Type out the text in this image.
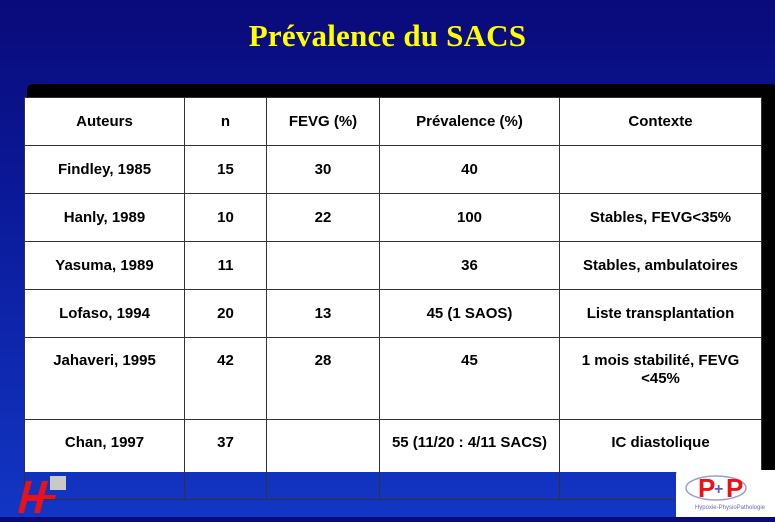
Prévalence du SACS
Auteurs	n	FEVG (%)	Prévalence (%)	Contexte
Findley, 1985	15	30	40	
Hanly, 1989	10	22	100	Stables, FEVG<35%
Yasuma, 1989	11		36	Stables, ambulatoires
Lofaso, 1994	20	13	45 (1 SAOS)	Liste transplantation
Jahaveri, 1995	42	28	45	1 mois stabilité, FEVG <45%
Chan, 1997	37		55 (11/20 : 4/11 SACS)	IC diastolique
P
+ P
Hypoxie-PhysioPathologie
